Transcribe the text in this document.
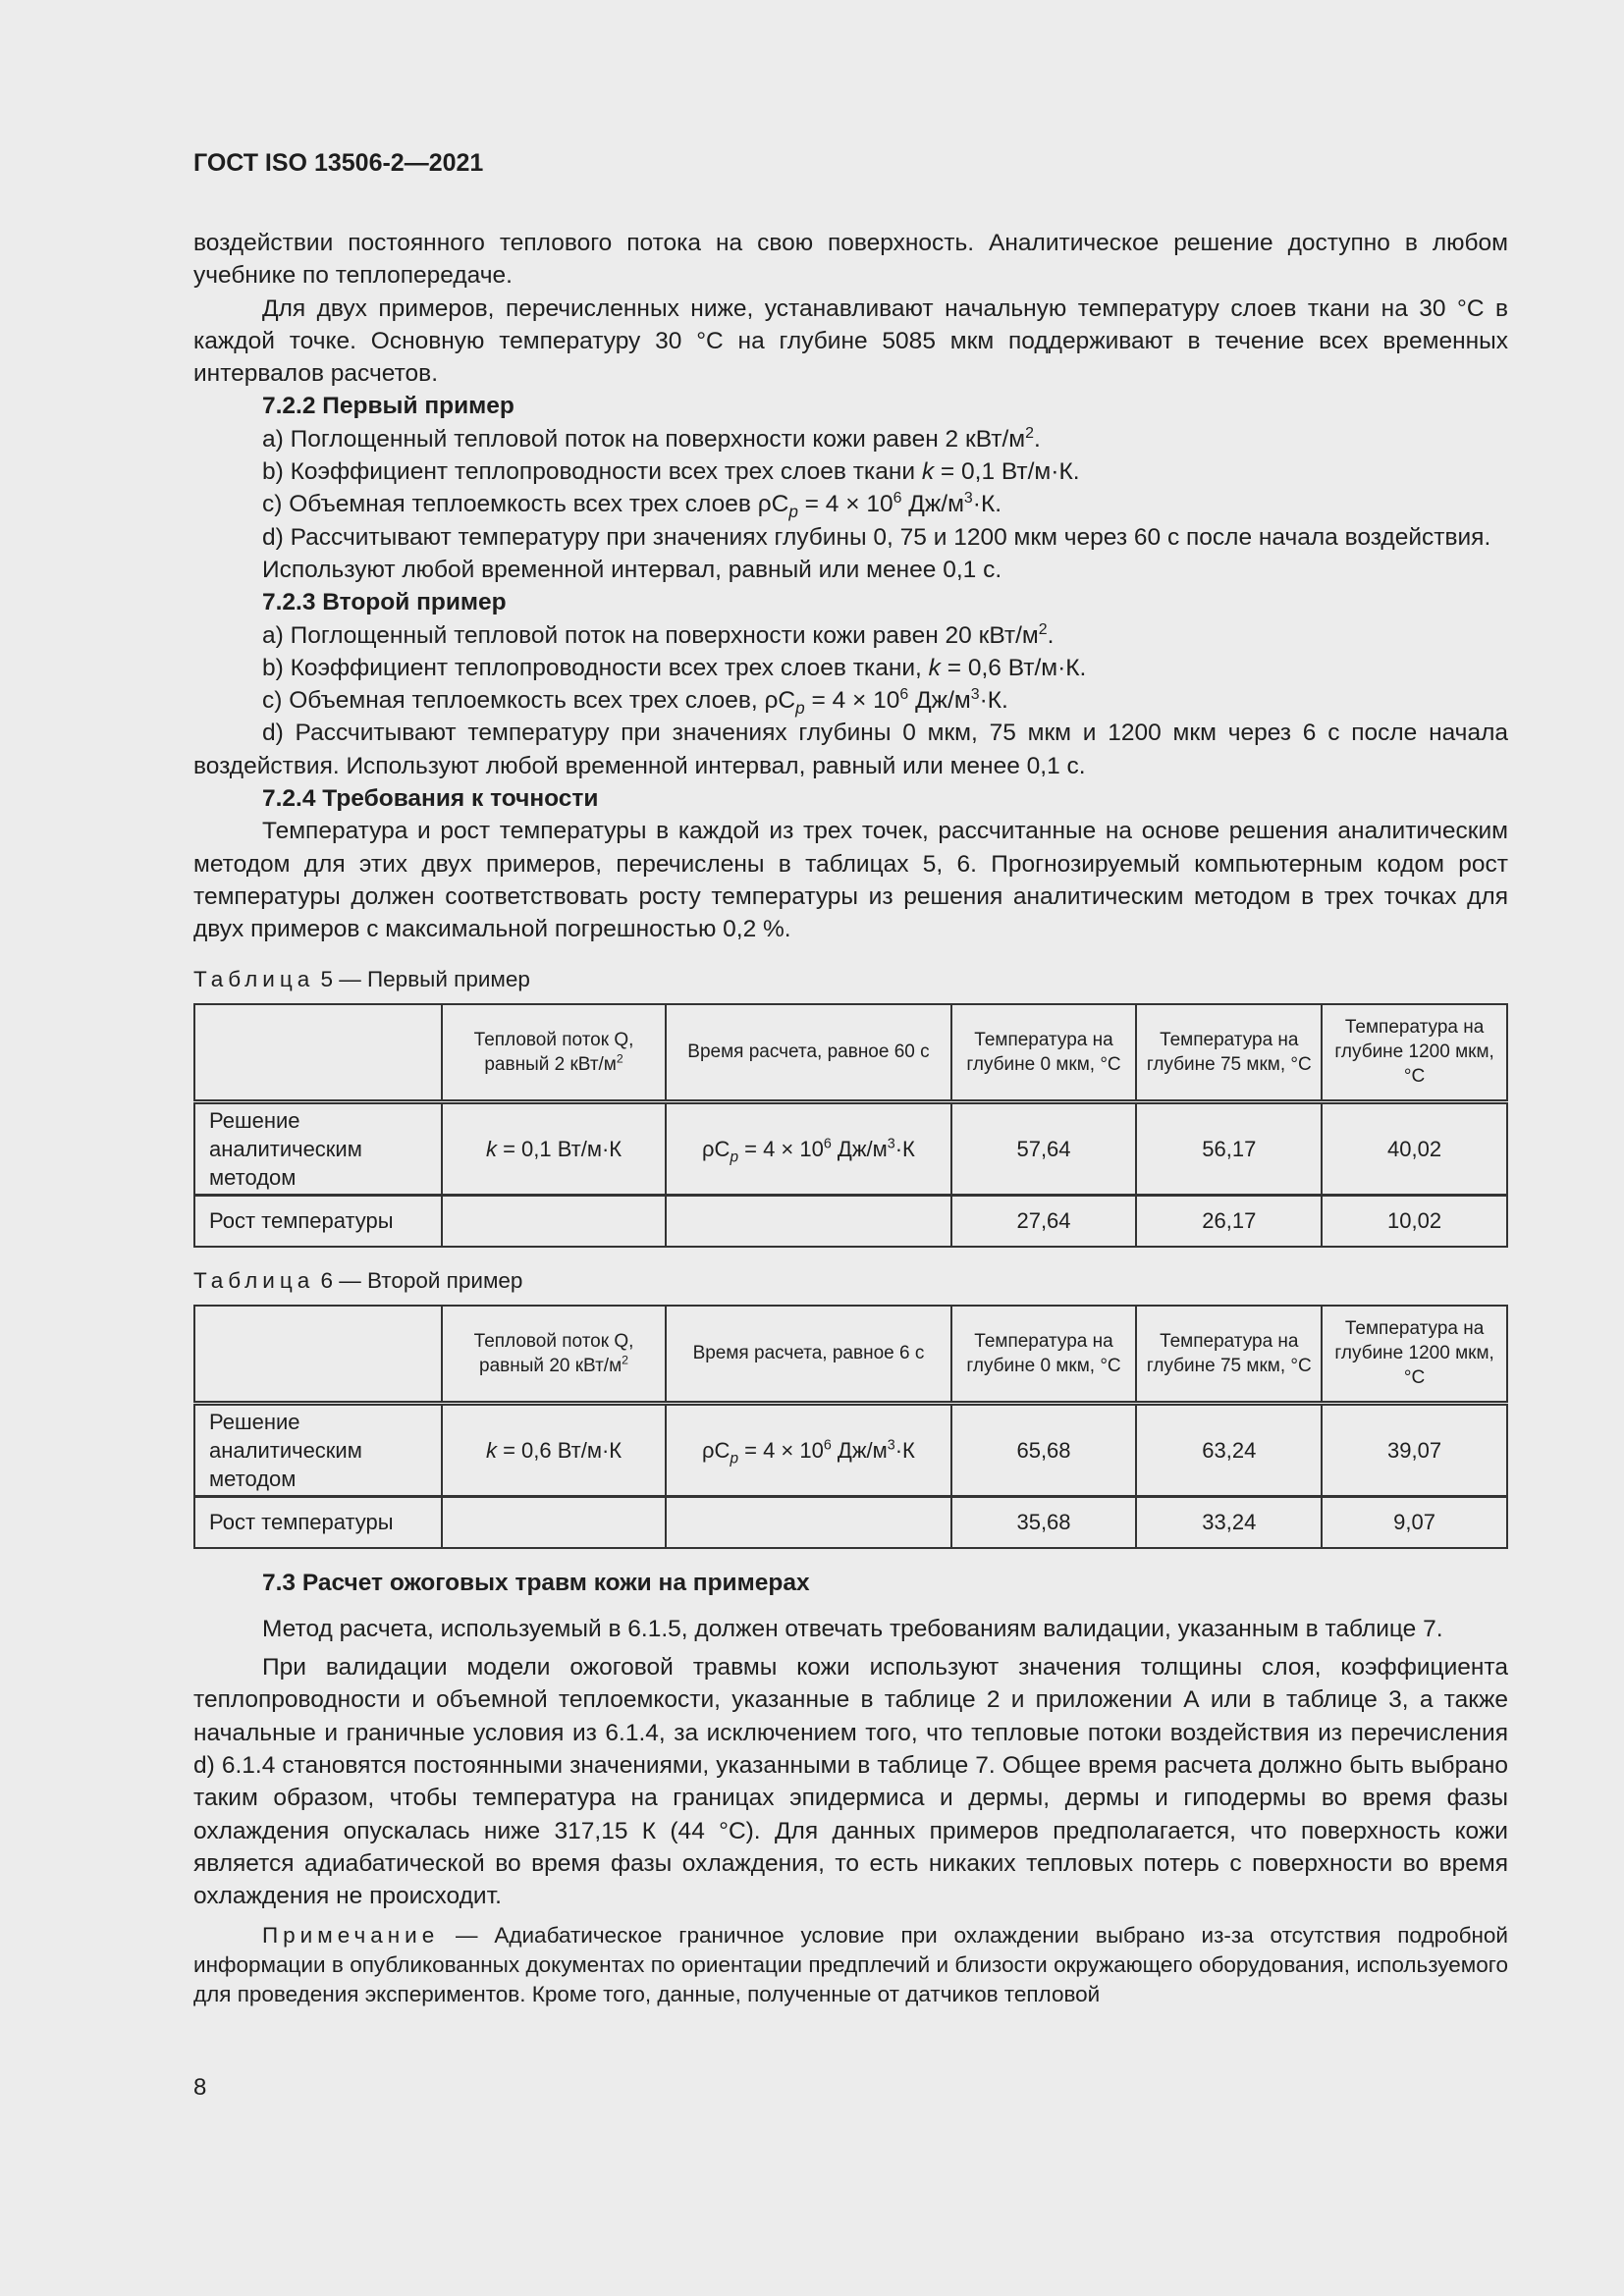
ГОСТ ISO 13506-2—2021

воздействии постоянного теплового потока на свою поверхность. Аналитическое решение доступно в любом учебнике по теплопередаче.

Для двух примеров, перечисленных ниже, устанавливают начальную температуру слоев ткани на 30 °С в каждой точке. Основную температуру 30 °С на глубине 5085 мкм поддерживают в течение всех временных интервалов расчетов.

7.2.2 Первый пример
a) Поглощенный тепловой поток на поверхности кожи равен 2 кВт/$м^2$.
b) Коэффициент теплопроводности всех трех слоев ткани k = 0,1 Вт/м·К.
c) Объемная теплоемкость всех трех слоев $\rho C_p = 4 \times 10^6$ $Дж/м^3\cdot К$.

d) Рассчитывают температуру при значениях глубины 0, 75 и 1200 мкм через 60 с после начала воздействия.

Используют любой временной интервал, равный или менее 0,1 с.

7.2.3 Второй пример
a) Поглощенный тепловой поток на поверхности кожи равен 20 кВт/$м^2$.
b) Коэффициент теплопроводности всех трех слоев ткани, k = 0,6 Вт/м·К.
c) Объемная теплоемкость всех трех слоев, $\rho C_p = 4 \times 10^6$ $Дж/м^3\cdot К$.

d) Рассчитывают температуру при значениях глубины 0 мкм, 75 мкм и 1200 мкм через 6 с после начала воздействия. Используют любой временной интервал, равный или менее 0,1 с.

7.2.4 Требования к точности

Температура и рост температуры в каждой из трех точек, рассчитанные на основе решения аналитическим методом для этих двух примеров, перечислены в таблицах 5, 6. Прогнозируемый компьютерным кодом рост температуры должен соответствовать росту температуры из решения аналитическим методом в трех точках для двух примеров с максимальной погрешностью 0,2 %.

Таблица 5 — Первый пример
	Тепловой поток Q, равный 2 кВт/$м^2$	Время расчета, равное 60 с	Температура на глубине 0 мкм, °С	Температура на глубине 75 мкм, °С	Температура на глубине 1200 мкм, °С
Решение аналитическим методом	k = 0,1 Вт/м·К	$\rho C_p = 4 \times 10^6$ $Дж/м^3\cdot К$	57,64	56,17	40,02
Рост температуры			27,64	26,17	10,02
Таблица 6 — Второй пример
	Тепловой поток Q, равный 20 кВт/$м^2$	Время расчета, равное 6 с	Температура на глубине 0 мкм, °С	Температура на глубине 75 мкм, °С	Температура на глубине 1200 мкм, °С
Решение аналитическим методом	k = 0,6 Вт/м·К	$\rho C_p = 4 \times 10^6$ $Дж/м^3\cdot К$	65,68	63,24	39,07
Рост температуры			35,68	33,24	9,07
7.3 Расчет ожоговых травм кожи на примерах

Метод расчета, используемый в 6.1.5, должен отвечать требованиям валидации, указанным в таблице 7.

При валидации модели ожоговой травмы кожи используют значения толщины слоя, коэффициента теплопроводности и объемной теплоемкости, указанные в таблице 2 и приложении А или в таблице 3, а также начальные и граничные условия из 6.1.4, за исключением того, что тепловые потоки воздействия из перечисления d) 6.1.4 становятся постоянными значениями, указанными в таблице 7. Общее время расчета должно быть выбрано таким образом, чтобы температура на границах эпидермиса и дермы, дермы и гиподермы во время фазы охлаждения опускалась ниже 317,15 К (44 °С). Для данных примеров предполагается, что поверхность кожи является адиабатической во время фазы охлаждения, то есть никаких тепловых потерь с поверхности во время охлаждения не происходит.

Примечание — Адиабатическое граничное условие при охлаждении выбрано из-за отсутствия подробной информации в опубликованных документах по ориентации предплечий и близости окружающего оборудования, используемого для проведения экспериментов. Кроме того, данные, полученные от датчиков тепловой

8
